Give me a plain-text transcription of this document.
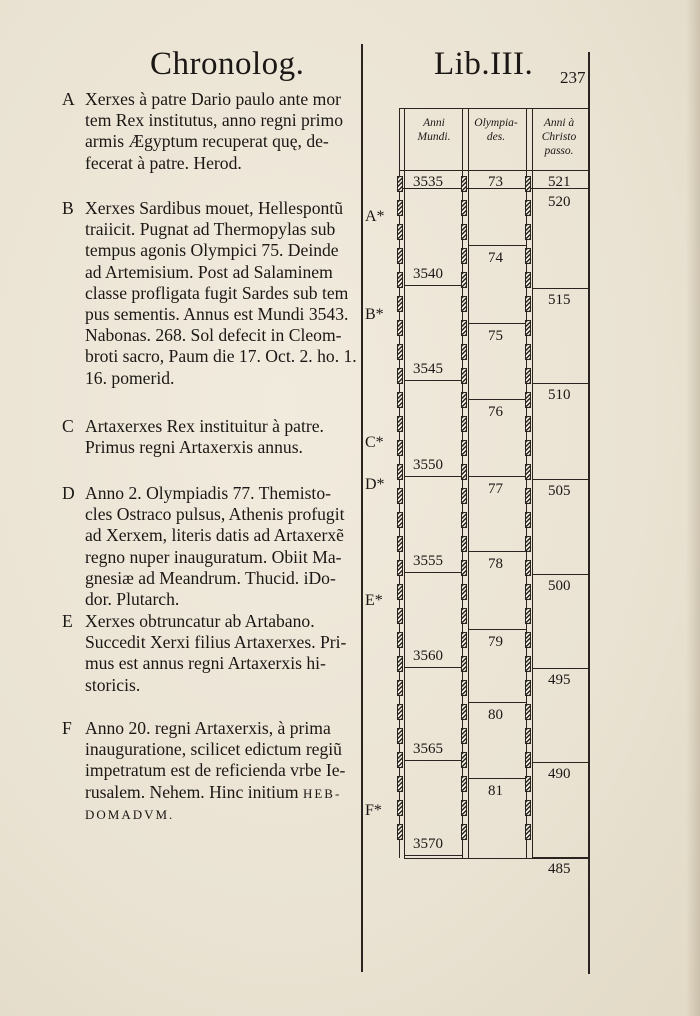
Chronolog.	Lib.III. 237
A Xerxes à patre Dario paulo ante mor
tem Rex institutus, anno regni primo
armis Ægyptum recuperat quę, de-
fecerat à patre. Herod.
B Xerxes Sardibus mouet, Hellespontũ
traiicit. Pugnat ad Thermopylas sub
tempus agonis Olympici 75. Deinde
ad Artemisium. Post ad Salaminem
classe profligata fugit Sardes sub tem
pus sementis. Annus est Mundi 3543.
Nabonas. 268. Sol defecit in Cleom-
broti sacro, Paum die 17. Oct. 2. ho. 1.
16. pomerid.
C Artaxerxes Rex instituitur à patre.
Primus regni Artaxerxis annus.
D Anno 2. Olympiadis 77. Themisto-
cles Ostraco pulsus, Athenis profugit
ad Xerxem, literis datis ad Artaxerxẽ
regno nuper inauguratum. Obiit Ma-
gnesiæ ad Meandrum. Thucid. iDo-
dor. Plutarch.
E Xerxes obtruncatur ab Artabano.
Succedit Xerxi filius Artaxerxes. Pri-
mus est annus regni Artaxerxis hi-
storicis.
F Anno 20. regni Artaxerxis, à prima
inauguratione, scilicet edictum regiũ
impetratum est de reficienda vrbe Ie-
rusalem. Nehem. Hinc initium HEB-
DOMADVM.
Anni Mundi.
Olympia-des.
Anni à Christo passo.
3535
3540
3545
3550
3555
3560
3565
3570
73
74
75
76
77
78
79
80
81
521
520
515
510
505
500
495
490
485
A*
B*
C*
D*
E*
F*
